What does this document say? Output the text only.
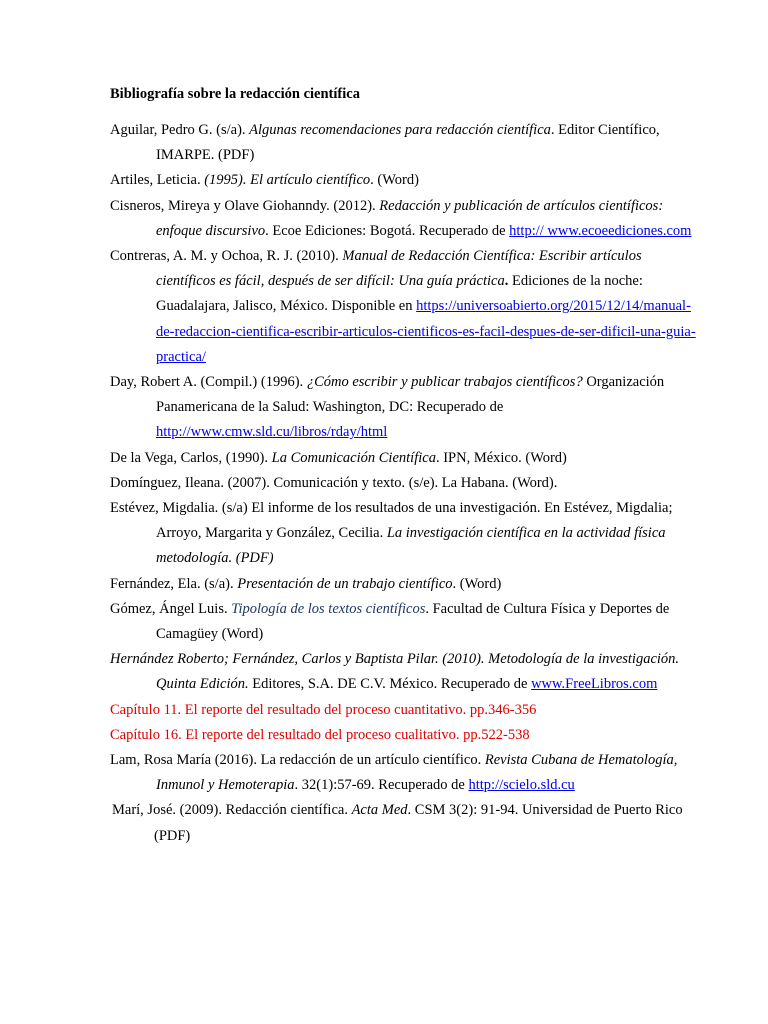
Bibliografía sobre la redacción científica

Aguilar, Pedro G. (s/a). Algunas recomendaciones para redacción científica. Editor Científico, IMARPE. (PDF)

Artiles, Leticia. (1995). El artículo científico. (Word)

Cisneros, Mireya y Olave Giohanndy. (2012). Redacción y publicación de artículos científicos: enfoque discursivo. Ecoe Ediciones: Bogotá. Recuperado de http:// www.ecoeediciones.com

Contreras, A. M. y Ochoa, R. J. (2010). Manual de Redacción Científica: Escribir artículos científicos es fácil, después de ser difícil: Una guía práctica. Ediciones de la noche: Guadalajara, Jalisco, México. Disponible en https://universoabierto.org/2015/12/14/manual-de-redaccion-cientifica-escribir-articulos-cientificos-es-facil-despues-de-ser-dificil-una-guia-practica/

Day, Robert A. (Compil.) (1996). ¿Cómo escribir y publicar trabajos científicos? Organización Panamericana de la Salud: Washington, DC: Recuperado de http://www.cmw.sld.cu/libros/rday/html

De la Vega, Carlos, (1990). La Comunicación Científica. IPN, México. (Word)

Domínguez, Ileana. (2007). Comunicación y texto. (s/e). La Habana. (Word).

Estévez, Migdalia. (s/a) El informe de los resultados de una investigación. En Estévez, Migdalia; Arroyo, Margarita y González, Cecilia. La investigación científica en la actividad física metodología. (PDF)

Fernández, Ela. (s/a). Presentación de un trabajo científico. (Word)

Gómez, Ángel Luis. Tipología de los textos científicos. Facultad de Cultura Física y Deportes de Camagüey (Word)

Hernández Roberto; Fernández, Carlos y Baptista Pilar. (2010). Metodología de la investigación. Quinta Edición. Editores, S.A. DE C.V. México. Recuperado de www.FreeLibros.com

Capítulo 11. El reporte del resultado del proceso cuantitativo. pp.346-356

Capítulo 16. El reporte del resultado del proceso cualitativo. pp.522-538

Lam, Rosa María (2016). La redacción de un artículo científico. Revista Cubana de Hematología, Inmunol y Hemoterapia. 32(1):57-69. Recuperado de http://scielo.sld.cu

Marí, José. (2009). Redacción científica. Acta Med. CSM 3(2): 91-94. Universidad de Puerto Rico (PDF)
